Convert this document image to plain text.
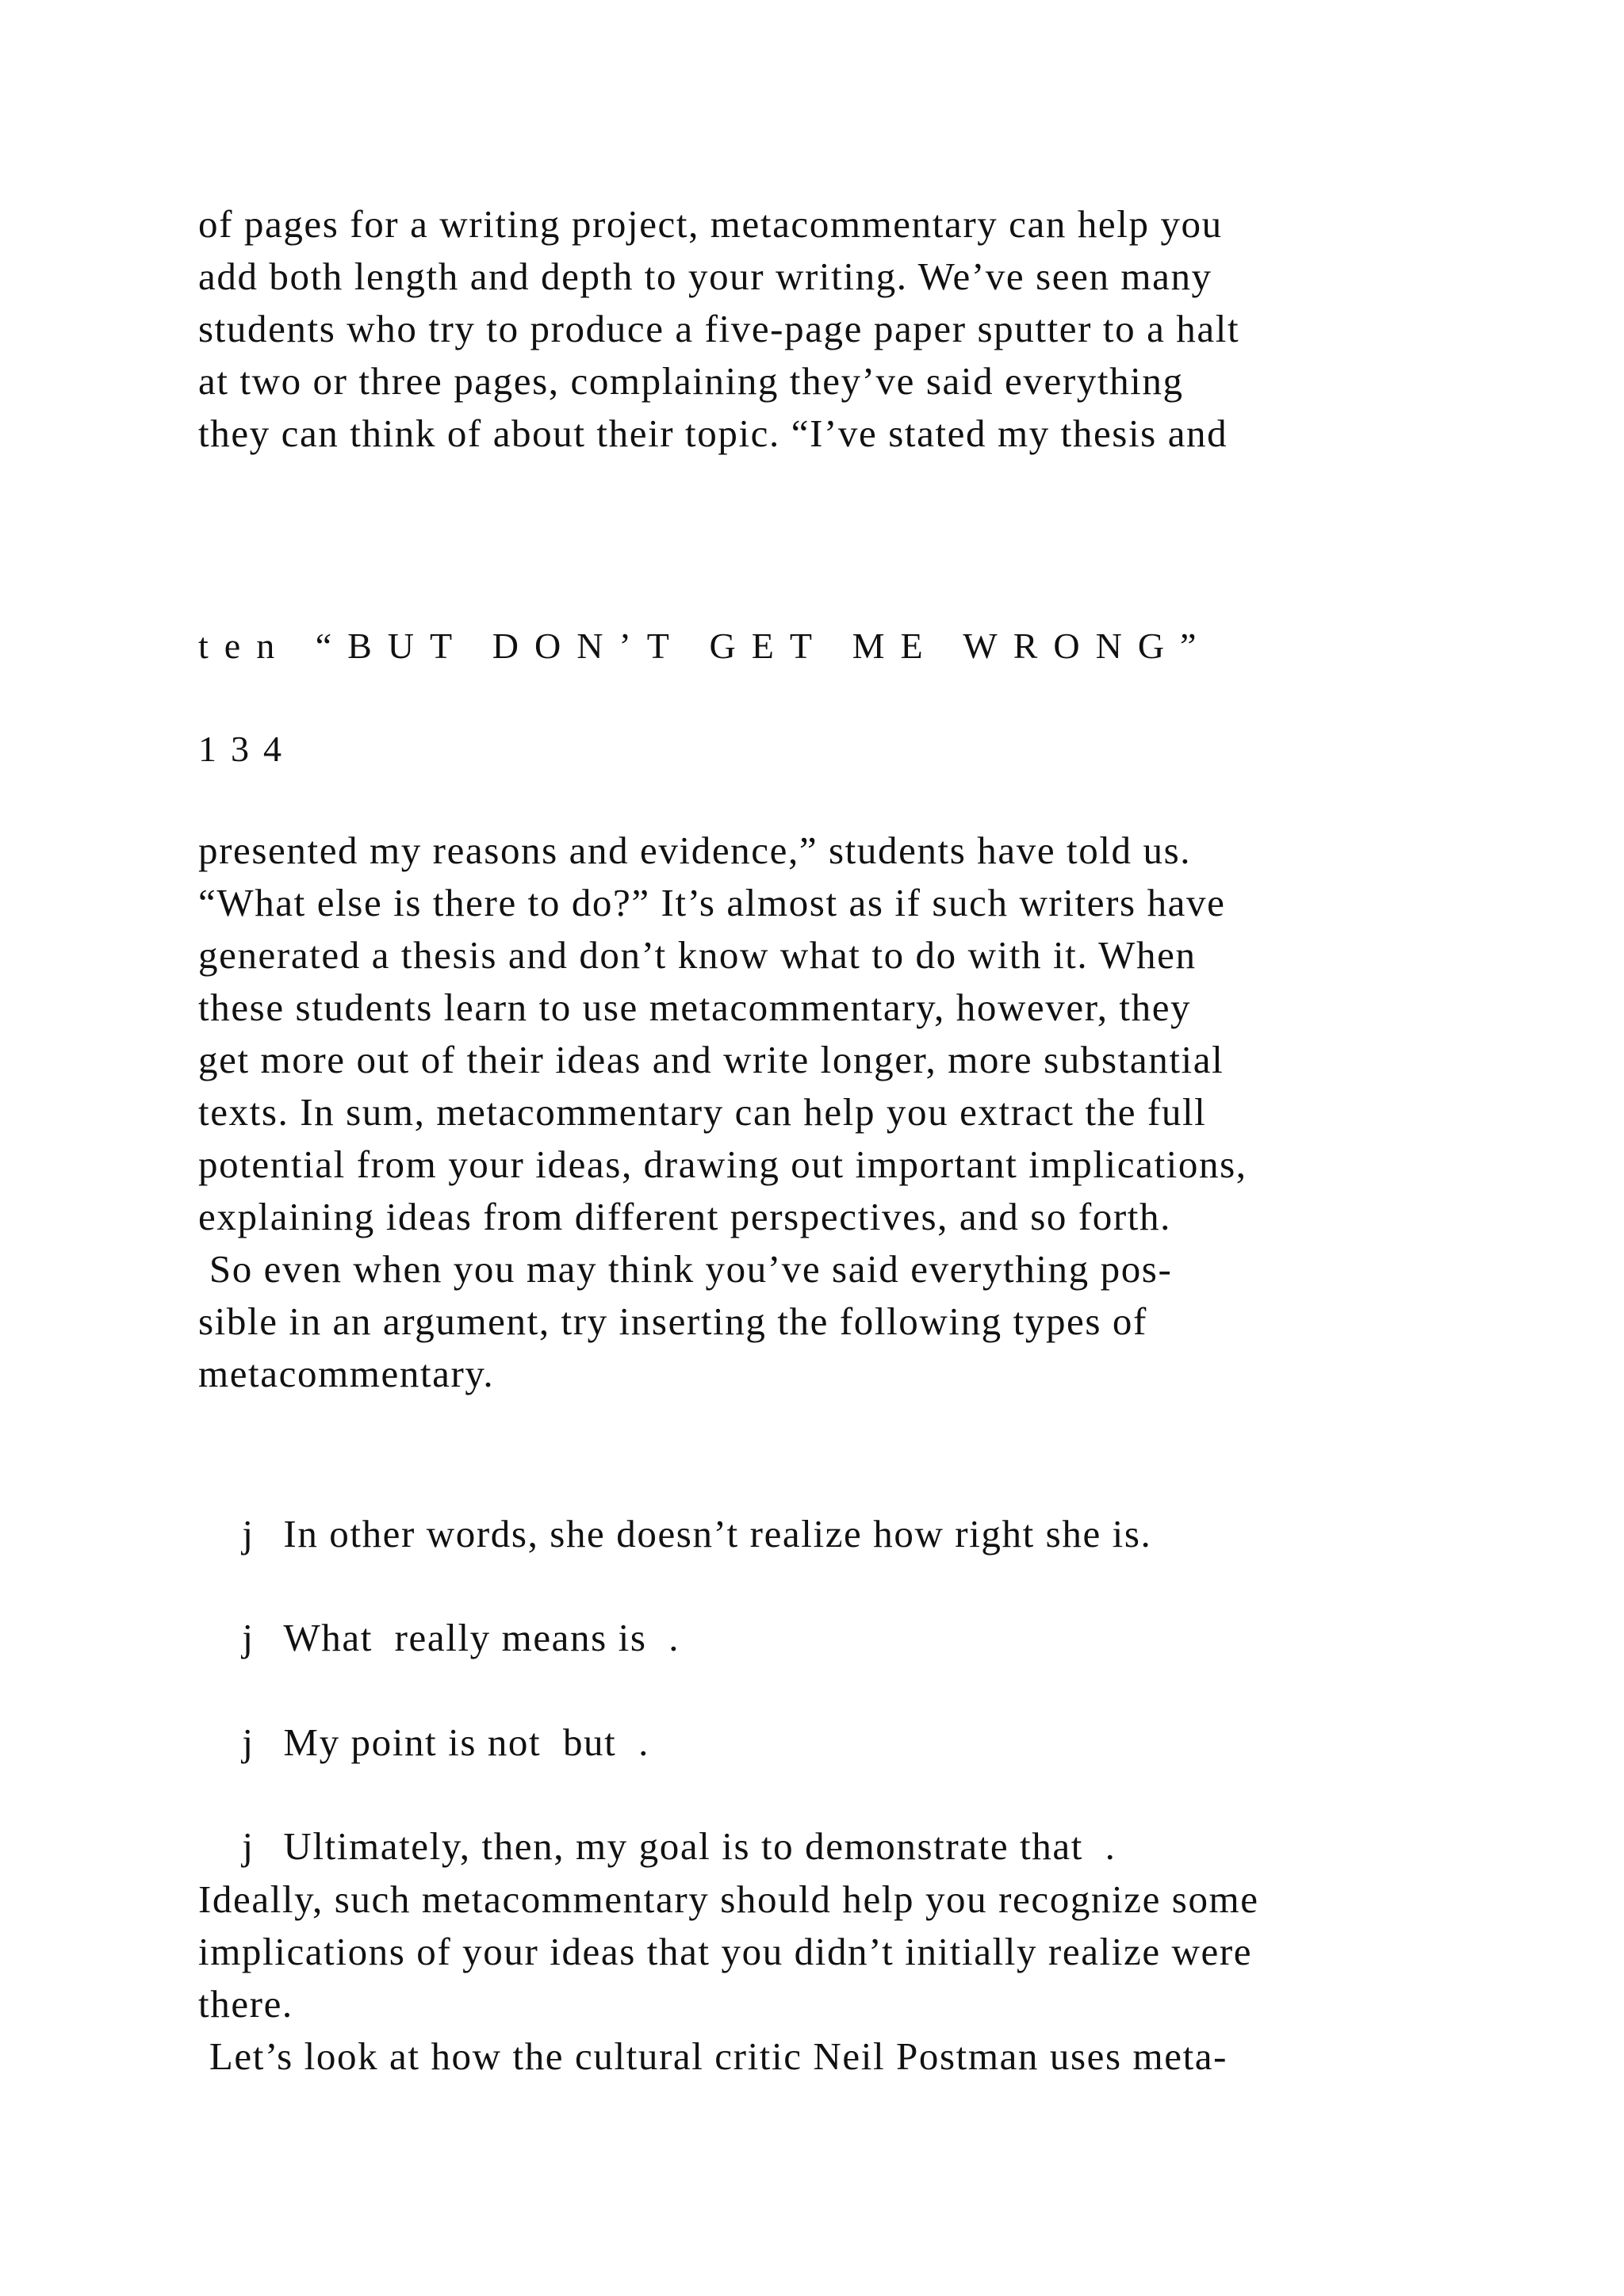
of pages for a writing project, metacommentary can help you
add both length and depth to your writing. We’ve seen many
students who try to produce a five-page paper sputter to a halt
at two or three pages, complaining they’ve said everything
they can think of about their topic. “I’ve stated my thesis and
ten “BUT DON’T GET ME WRONG”
134
presented my reasons and evidence,” students have told us.
“What else is there to do?” It’s almost as if such writers have
generated a thesis and don’t know what to do with it. When
these students learn to use metacommentary, however, they
get more out of their ideas and write longer, more substantial
texts. In sum, metacommentary can help you extract the full
potential from your ideas, drawing out important implications,
explaining ideas from different perspectives, and so forth.
So even when you may think you’ve said everything pos-
sible in an argument, try inserting the following types of
metacommentary.

j In other words, she doesn’t realize how right she is.

j What  really means is  .

j My point is not  but  .

j Ultimately, then, my goal is to demonstrate that  .

Ideally, such metacommentary should help you recognize some
implications of your ideas that you didn’t initially realize were
there.
Let’s look at how the cultural critic Neil Postman uses meta-
